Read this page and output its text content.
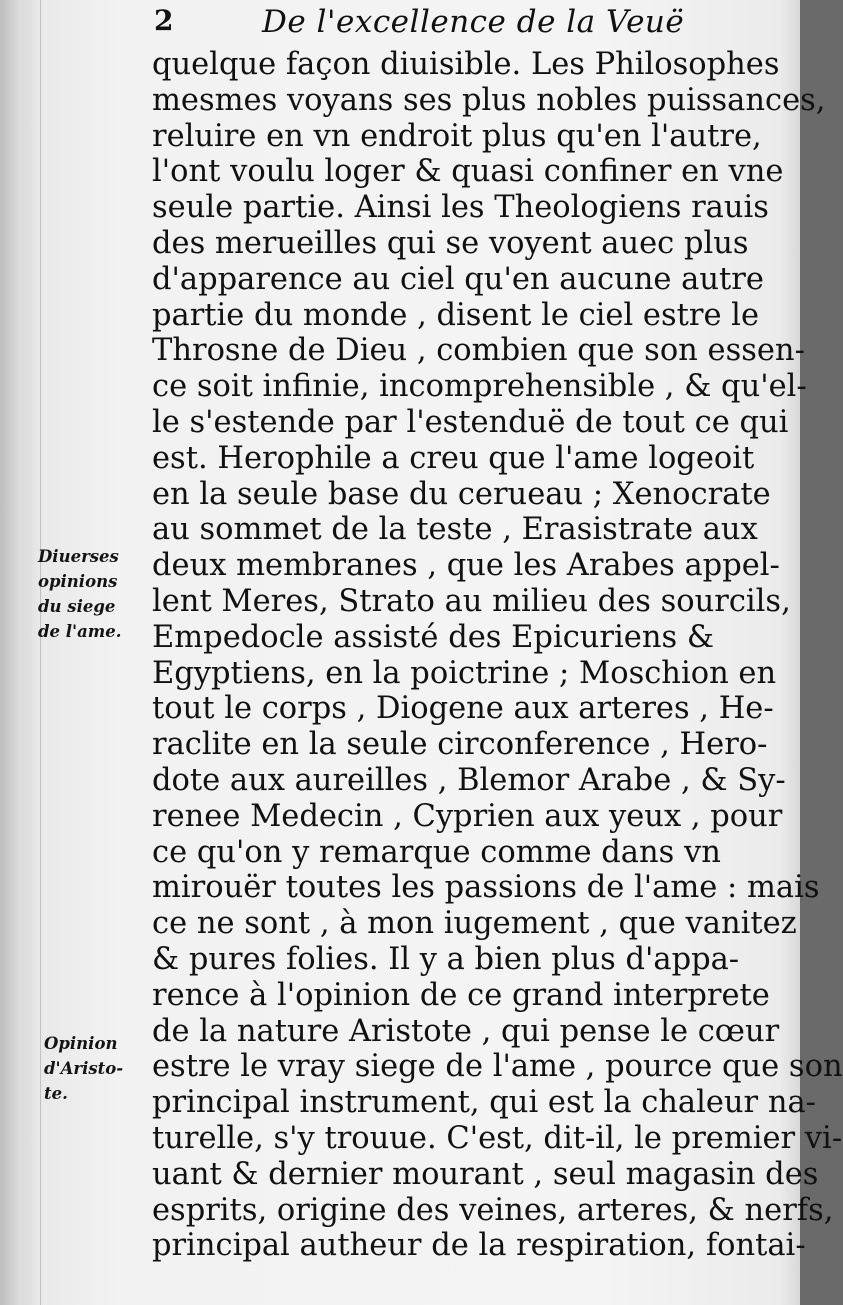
2	De l'excellence de la Veuë
quelque façon diuisible. Les Philosophes
mesmes voyans ses plus nobles puissances,
reluire en vn endroit plus qu'en l'autre,
l'ont voulu loger & quasi confiner en vne
seule partie. Ainsi les Theologiens rauis
des merueilles qui se voyent auec plus
d'apparence au ciel qu'en aucune autre
partie du monde , disent le ciel estre le
Throsne de Dieu , combien que son essen-
ce soit infinie, incomprehensible , & qu'el-
le s'estende par l'estenduë de tout ce qui
est. Herophile a creu que l'ame logeoit
en la seule base du cerueau ; Xenocrate
au sommet de la teste , Erasistrate aux
deux membranes , que les Arabes appel-
lent Meres, Strato au milieu des sourcils,
Empedocle assisté des Epicuriens &
Egyptiens, en la poictrine ; Moschion en
tout le corps , Diogene aux arteres , He-
raclite en la seule circonference , Hero-
dote aux aureilles , Blemor Arabe , & Sy-
renee Medecin , Cyprien aux yeux , pour
ce qu'on y remarque comme dans vn
mirouër toutes les passions de l'ame : mais
ce ne sont , à mon iugement , que vanitez
& pures folies. Il y a bien plus d'appa-
rence à l'opinion de ce grand interprete
de la nature Aristote , qui pense le cœur
estre le vray siege de l'ame , pource que son
principal instrument, qui est la chaleur na-
turelle, s'y trouue. C'est, dit-il, le premier vi-
uant & dernier mourant , seul magasin des
esprits, origine des veines, arteres, & nerfs,
principal autheur de la respiration, fontai-
Diuerses
opinions
du siege
de l'ame.
Opinion
d'Aristo-
te.
